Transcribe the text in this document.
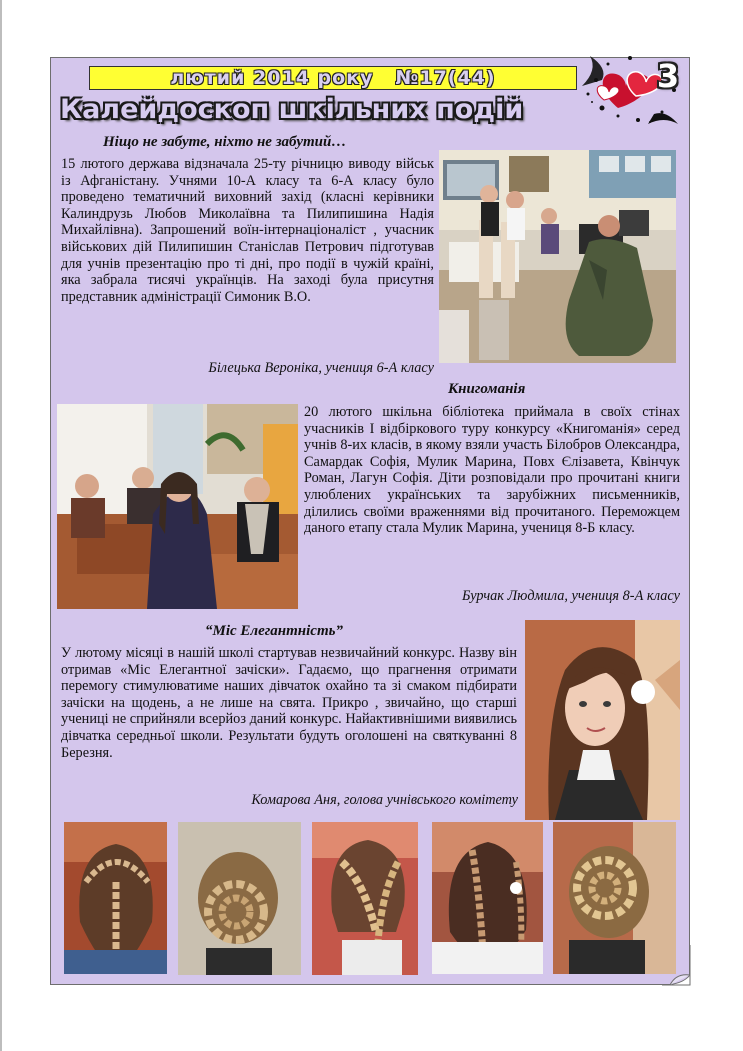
лютий 2014 року №17(44)	3
Калейдоскоп шкільних подій
Ніщо не забуте, ніхто не забутий…
15 лютого держава відзначала 25-ту річницю виводу військ із Афганістану. Учнями 10-А класу та 6-А класу було проведено тематичний виховний захід (класні керівники Калиндрузь Любов Миколаївна та Пилипишина Надія Михайлівна). Запрошений воїн-інтернаціоналіст , учасник військових дій Пилипишин Станіслав Петрович підготував для учнів презентацію про ті дні, про події в чужій країні, яка забрала тисячі українців. На заході була присутня представник адміністрації Симоник В.О.
Білецька Вероніка, учениця 6-А класу
Книгоманія
20 лютого шкільна бібліотека приймала в своїх стінах учасників І відбіркового туру конкурсу «Книгоманія» серед учнів 8-их класів, в якому взяли участь Білобров Олександра, Самардак Софія, Мулик Марина, Повх Єлізавета, Квінчук Роман, Лагун Софія. Діти розповідали про прочитані книги улюблених українських та зарубіжних письменників, ділились своїми враженнями від прочитаного. Переможцем даного етапу стала Мулик Марина, учениця 8-Б класу.
Бурчак Людмила, учениця 8-А класу
“Міс Елегантність”
У лютому місяці в нашій школі стартував незвичайний конкурс. Назву він отримав «Міс Елегантної зачіски». Гадаємо, що прагнення отримати перемогу стимулюватиме наших дівчаток охайно та зі смаком підбирати зачіски на щодень, а не лише на свята. Прикро , звичайно, що старші учениці не сприйняли всерйоз даний конкурс. Найактивнішими виявились дівчатка середньої школи. Результати будуть оголошені на святкуванні 8 Березня.
Комарова Аня, голова учнівського комітету
